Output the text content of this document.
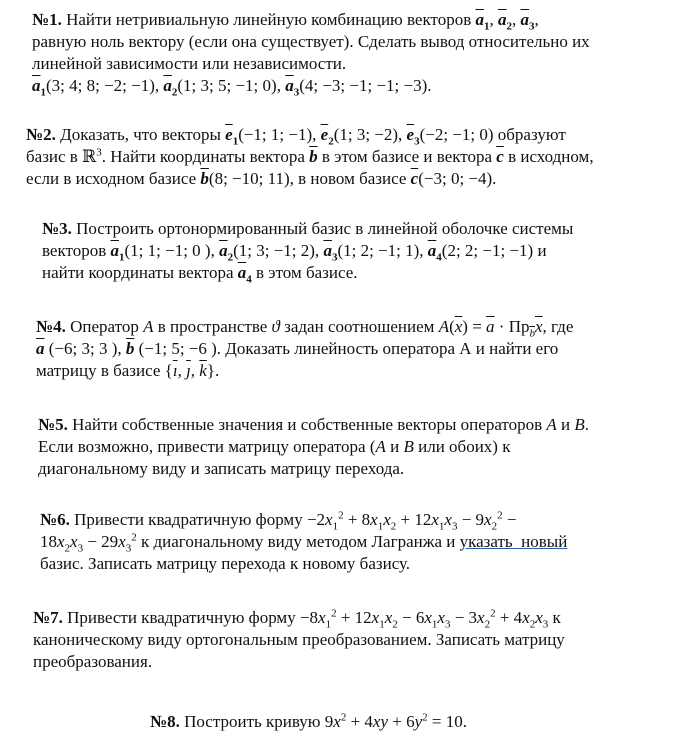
№1. Найти нетривиальную линейную комбинацию векторов $\overline{a}_1$, $\overline{a}_2$, $\overline{a}_3$,
равную ноль вектору (если она существует). Сделать вывод относительно их
линейной зависимости или независимости.
$\overline{a}_1(3$; 4; 8; −2; −1), $\overline{a}_2(1$; 3; 5; −1; 0), $\overline{a}_3(4$; −3; −1; −1; −3).
№2. Доказать, что векторы $\overline{e}_1(-1$; 1; −1), $\overline{e}_2(1$; 3; −2), $\overline{e}_3(-2$; −1; 0) образуют
базис в ℝ$^3$. Найти координаты вектора $\overline{b}$ в этом базисе и вектора $\overline{c}$ в исходном,
если в исходном базисе $\overline{b}(8$; −10; 11), в новом базисе $\overline{c}(-3$; 0; −4).
№3. Построить ортонормированный базис в линейной оболочке системы
векторов $\overline{a}_1(1$; 1; −1; 0 ), $\overline{a}_2(1$; 3; −1; 2), $\overline{a}_3(1$; 2; −1; 1), $\overline{a}_4(2$; 2; −1; −1) и
найти координаты вектора $\overline{a}_4$ в этом базисе.
№4. Оператор A в пространстве ϑ задан соотношением $A(\overline{x}) = \overline{a} \cdot Пр_{\overline{b}}\overline{x}$, где
$\overline{a}$ (−6; 3; 3 ), $\overline{b}$ (−1; 5; −6 ). Доказать линейность оператора А и найти его
матрицу в базисе {$\overline{ı}$, $\overline{ȷ}$, $\overline{k}$}.
№5. Найти собственные значения и собственные векторы операторов A и B.
Если возможно, привести матрицу оператора (A и B или обоих) к
диагональному виду и записать матрицу перехода.
№6. Привести квадратичную форму $-2x_1^2 + 8x_1x_2 + 12x_1x_3 - 9x_2^2$ −
$18x_2x_3 - 29x_3^2$ к диагональному виду методом Лагранжа и указать  новый
базис. Записать матрицу перехода к новому базису.
№7. Привести квадратичную форму $-8x_1^2 + 12x_1x_2 - 6x_1x_3 - 3x_2^2 + 4x_2x_3$ к
каноническому виду ортогональным преобразованием. Записать матрицу
преобразования.
№8. Построить кривую $9x^2 + 4xy + 6y^2 = 10$.
